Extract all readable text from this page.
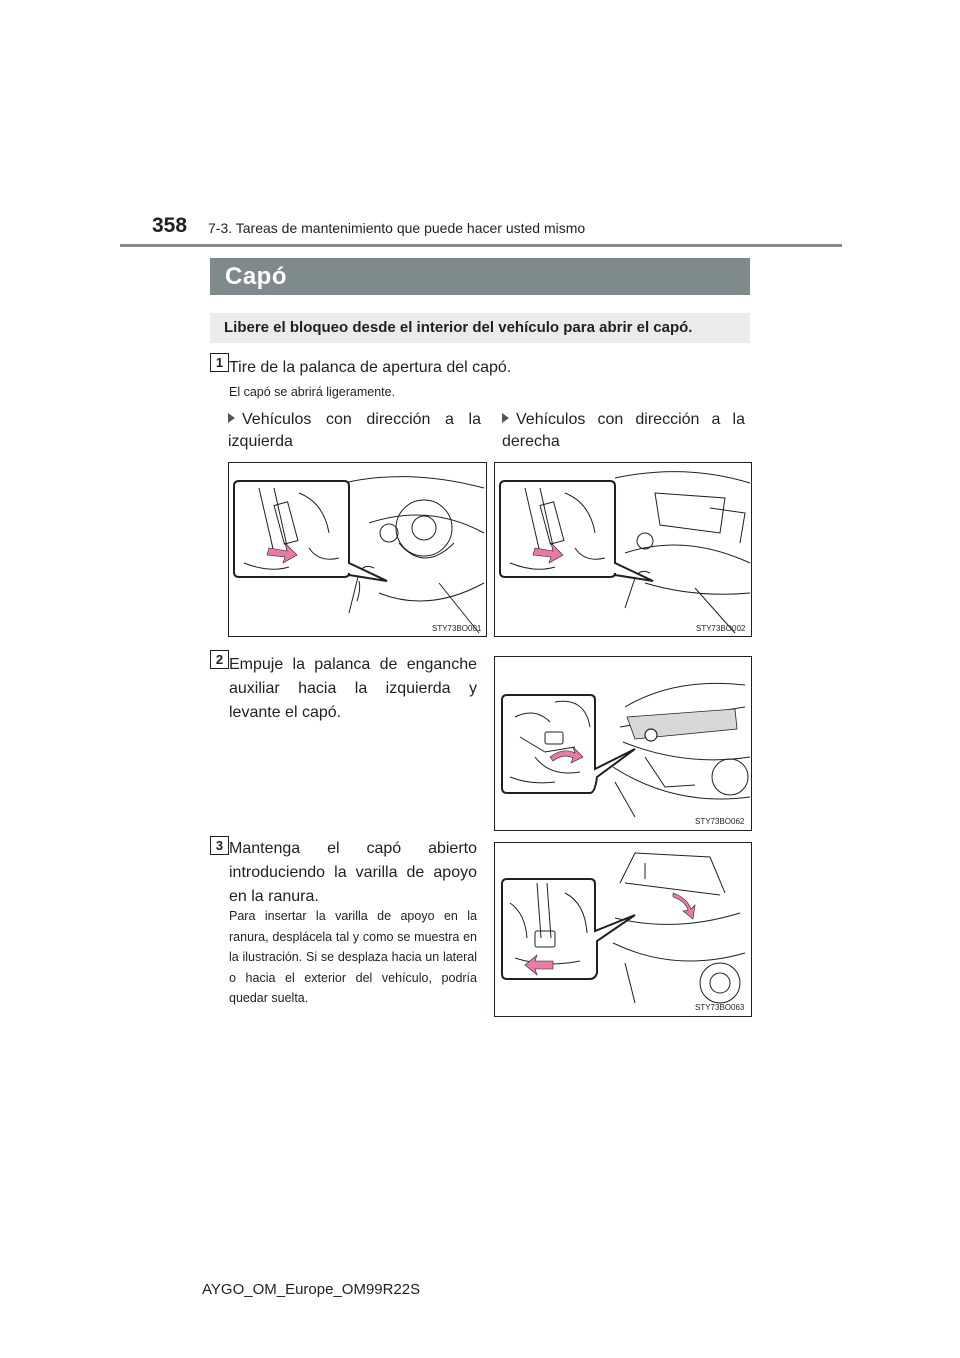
358 7-3. Tareas de mantenimiento que puede hacer usted mismo
Capó
Libere el bloqueo desde el interior del vehículo para abrir el capó.
1 Tire de la palanca de apertura del capó.
El capó se abrirá ligeramente.
Vehículos con dirección a la izquierda
Vehículos con dirección a la derecha
STY73BO001	STY73BO002
2 Empuje la palanca de enganche auxiliar hacia la izquierda y levante el capó.
STY73BO062
3 Mantenga el capó abierto introduciendo la varilla de apoyo en la ranura.
Para insertar la varilla de apoyo en la ranura, desplácela tal y como se muestra en la ilustración. Si se desplaza hacia un lateral o hacia el exterior del vehículo, podría quedar suelta.
STY73BO063
AYGO_OM_Europe_OM99R22S
